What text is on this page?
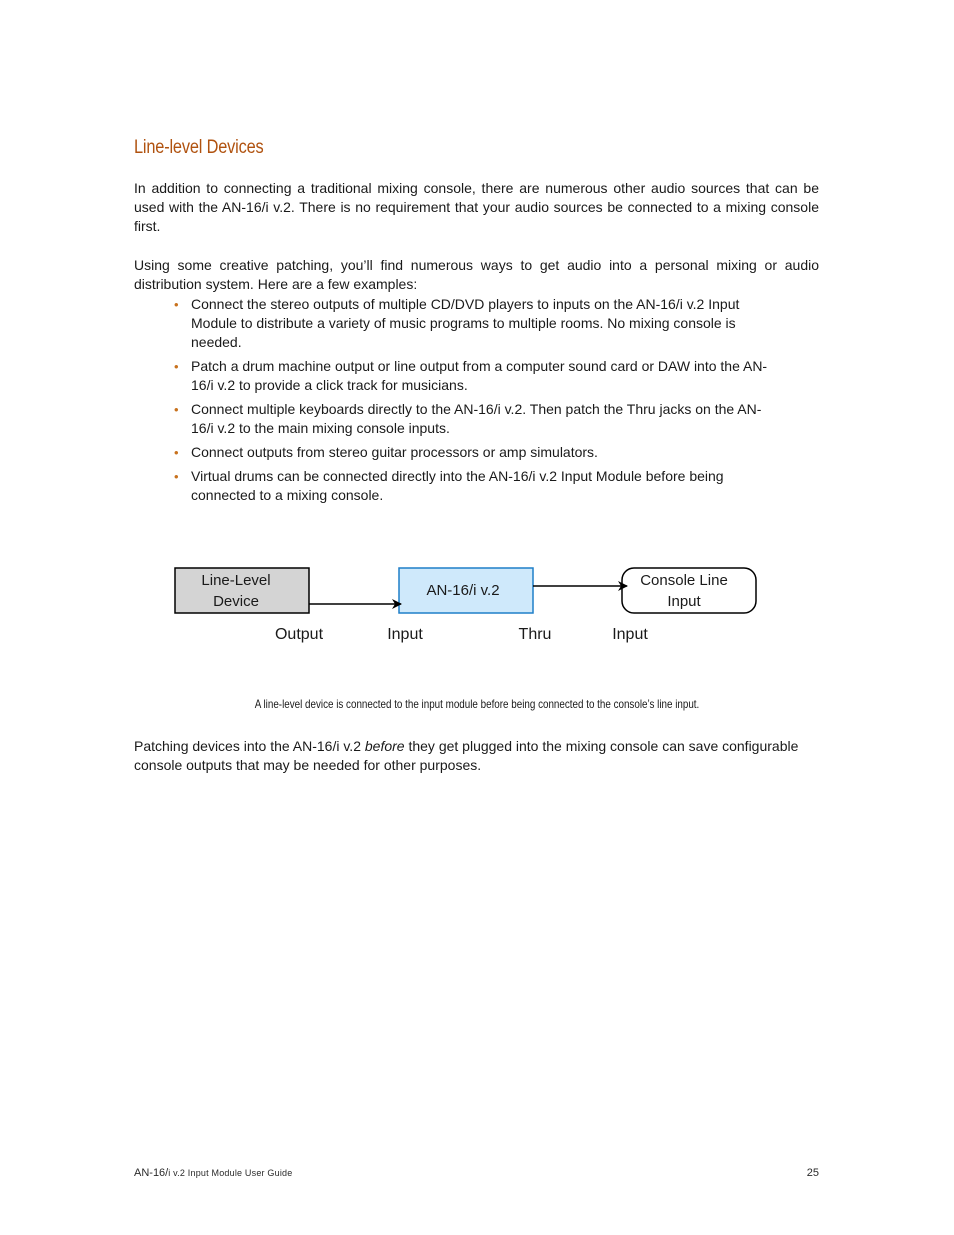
Line-level Devices

In addition to connecting a traditional mixing console, there are numerous other audio sources that can be used with the AN-16/i v.2. There is no requirement that your audio sources be connected to a mixing console first.

Using some creative patching, you’ll find numerous ways to get audio into a personal mixing or audio distribution system. Here are a few examples:

• Connect the stereo outputs of multiple CD/DVD players to inputs on the AN-16/i v.2 Input Module to distribute a variety of music programs to multiple rooms. No mixing console is needed.
• Patch a drum machine output or line output from a computer sound card or DAW into the AN-16/i v.2 to provide a click track for musicians.
• Connect multiple keyboards directly to the AN-16/i v.2. Then patch the Thru jacks on the AN-16/i v.2 to the main mixing console inputs.
• Connect outputs from stereo guitar processors or amp simulators.
• Virtual drums can be connected directly into the AN-16/i v.2 Input Module before being connected to a mixing console.
Line-Level
Device
AN-16/i v.2
Console Line
Input
Output	Input	Thru	Input
A line-level device is connected to the input module before being connected to the console’s line input.

Patching devices into the AN-16/i v.2 before they get plugged into the mixing console can save configurable console outputs that may be needed for other purposes.

AN-16/i v.2 Input Module User Guide	25
